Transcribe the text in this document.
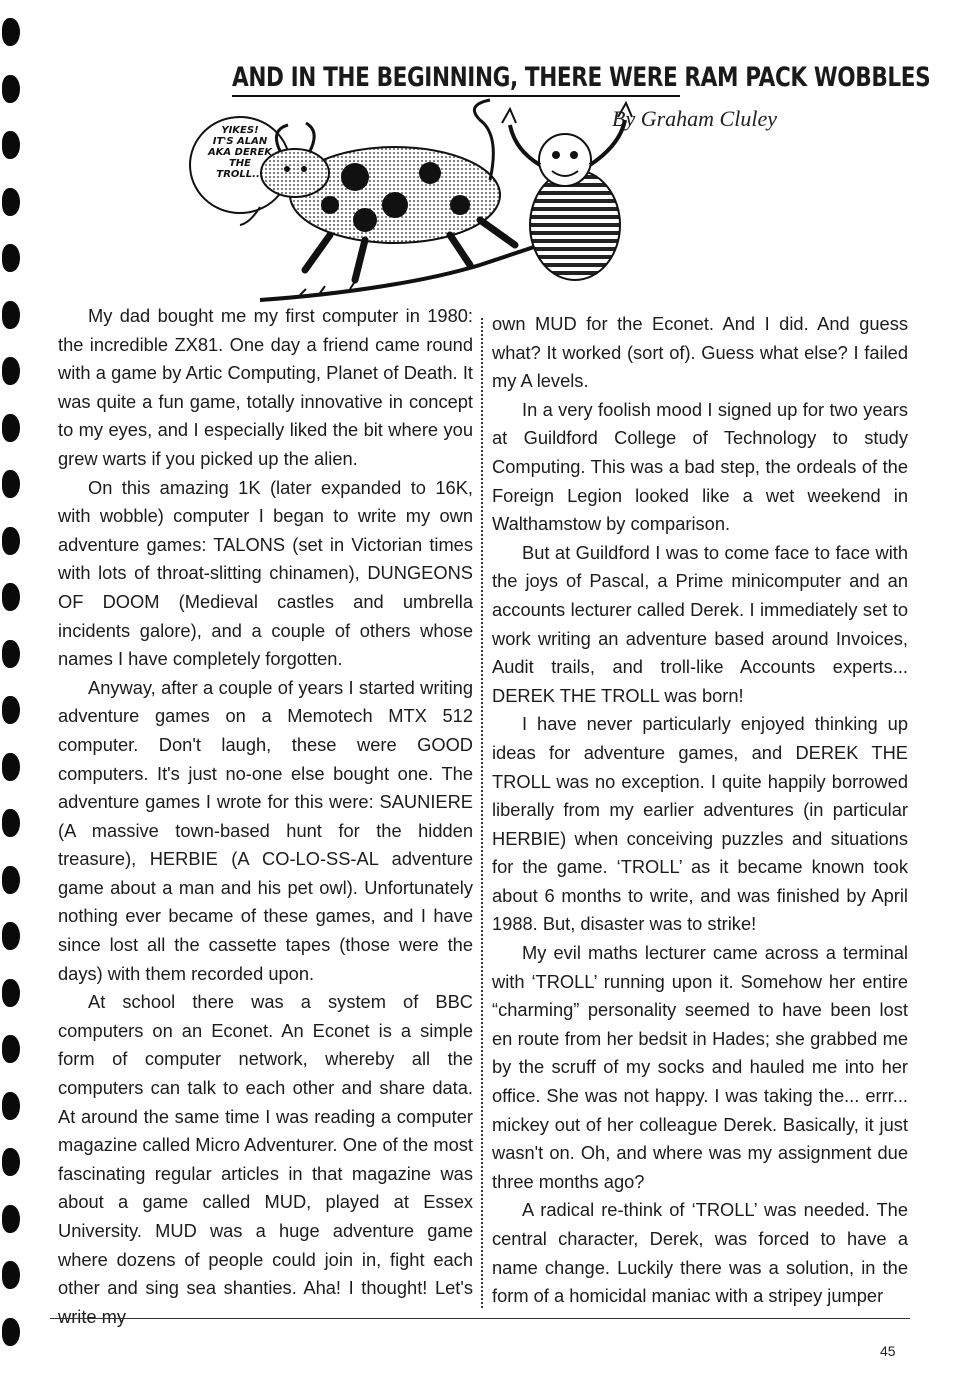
AND IN THE BEGINNING, THERE WERE RAM PACK WOBBLES
By Graham Cluley
YIKES!
IT'S ALAN
AKA DEREK
THE
TROLL...

My dad bought me my first computer in 1980: the incredible ZX81. One day a friend came round with a game by Artic Computing, Planet of Death. It was quite a fun game, totally innovative in concept to my eyes, and I especially liked the bit where you grew warts if you picked up the alien.

On this amazing 1K (later expanded to 16K, with wobble) computer I began to write my own adventure games: TALONS (set in Victorian times with lots of throat-slitting chinamen), DUNGEONS OF DOOM (Medieval castles and umbrella incidents galore), and a couple of others whose names I have completely forgotten.

Anyway, after a couple of years I started writing adventure games on a Memotech MTX 512 computer. Don't laugh, these were GOOD computers. It's just no-one else bought one. The adventure games I wrote for this were: SAUNIERE (A massive town-based hunt for the hidden treasure), HERBIE (A CO-LO-SS-AL adventure game about a man and his pet owl). Unfortunately nothing ever became of these games, and I have since lost all the cassette tapes (those were the days) with them recorded upon.

At school there was a system of BBC computers on an Econet. An Econet is a simple form of computer network, whereby all the computers can talk to each other and share data. At around the same time I was reading a computer magazine called Micro Adventurer. One of the most fascinating regular articles in that magazine was about a game called MUD, played at Essex University. MUD was a huge adventure game where dozens of people could join in, fight each other and sing sea shanties. Aha! I thought! Let's write my

own MUD for the Econet. And I did. And guess what? It worked (sort of). Guess what else? I failed my A levels.

In a very foolish mood I signed up for two years at Guildford College of Technology to study Computing. This was a bad step, the ordeals of the Foreign Legion looked like a wet weekend in Walthamstow by comparison.

But at Guildford I was to come face to face with the joys of Pascal, a Prime minicomputer and an accounts lecturer called Derek. I immediately set to work writing an adventure based around Invoices, Audit trails, and troll-like Accounts experts... DEREK THE TROLL was born!

I have never particularly enjoyed thinking up ideas for adventure games, and DEREK THE TROLL was no exception. I quite happily borrowed liberally from my earlier adventures (in particular HERBIE) when conceiving puzzles and situations for the game. ‘TROLL’ as it became known took about 6 months to write, and was finished by April 1988. But, disaster was to strike!

My evil maths lecturer came across a terminal with ‘TROLL’ running upon it. Somehow her entire “charming” personality seemed to have been lost en route from her bedsit in Hades; she grabbed me by the scruff of my socks and hauled me into her office. She was not happy. I was taking the... errr... mickey out of her colleague Derek. Basically, it just wasn't on. Oh, and where was my assignment due three months ago?

A radical re-think of ‘TROLL’ was needed. The central character, Derek, was forced to have a name change. Luckily there was a solution, in the form of a homicidal maniac with a stripey jumper

45
